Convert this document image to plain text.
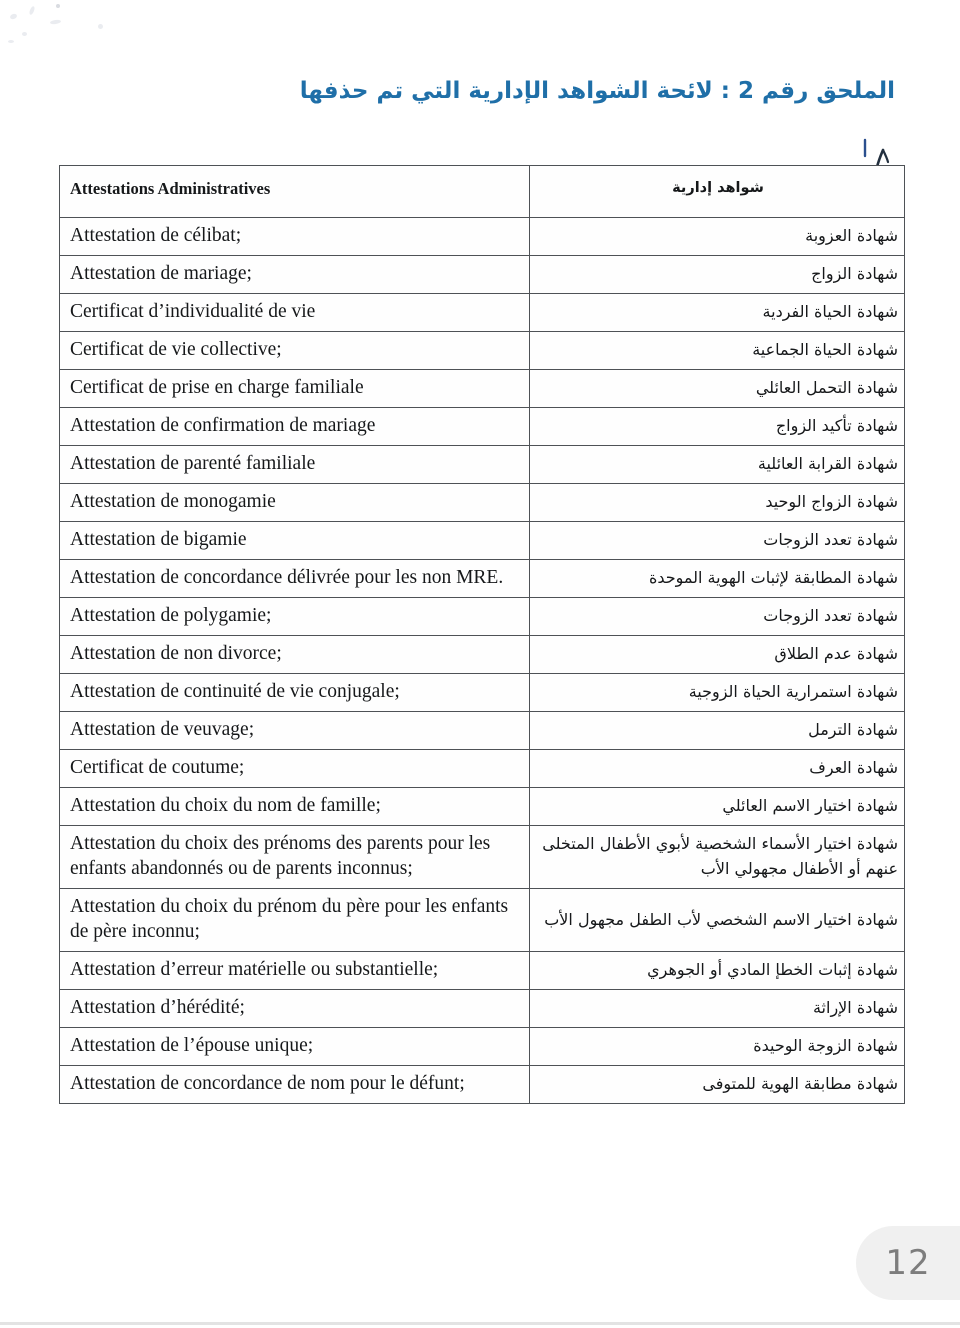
الملحق رقم 2 : لائحة الشواهد الإدارية التي تم حذفها
Attestations Administratives	شواهد إدارية

Attestation de célibat;	شهادة العزوبة

Attestation de mariage;	شهادة الزواج

Certificat d’individualité de vie	شهادة الحياة الفردية

Certificat de vie collective;	شهادة الحياة الجماعية

Certificat de prise en charge familiale	شهادة التحمل العائلي

Attestation de confirmation de mariage	شهادة تأكيد الزواج

Attestation de parenté familiale	شهادة القرابة العائلية

Attestation de monogamie	شهادة الزواج الوحيد

Attestation de bigamie	شهادة تعدد الزوجات

Attestation de concordance délivrée pour les non MRE.	شهادة المطابقة لإثبات الهوية الموحدة

Attestation de polygamie;	شهادة تعدد الزوجات

Attestation de non divorce;	شهادة عدم الطلاق

Attestation de continuité de vie conjugale;	شهادة استمرارية الحياة الزوجية

Attestation de veuvage;	شهادة الترمل

Certificat de coutume;	شهادة العرف

Attestation du choix du nom de famille;	شهادة اختيار الاسم العائلي

Attestation du choix des prénoms des parents pour les enfants abandonnés ou de parents inconnus;	شهادة اختيار الأسماء الشخصية لأبوي الأطفال المتخلى عنهم أو الأطفال مجهولي الأب

Attestation du choix du prénom du père pour les enfants de père inconnu;	شهادة اختيار الاسم الشخصي لأب الطفل مجهول الأب

Attestation d’erreur matérielle ou substantielle;	شهادة إثبات الخطإ المادي أو الجوهري

Attestation d’hérédité;	شهادة الإراثة

Attestation de l’épouse unique;	شهادة الزوجة الوحيدة

Attestation de concordance de nom pour le défunt;	شهادة مطابقة الهوية للمتوفى
12
